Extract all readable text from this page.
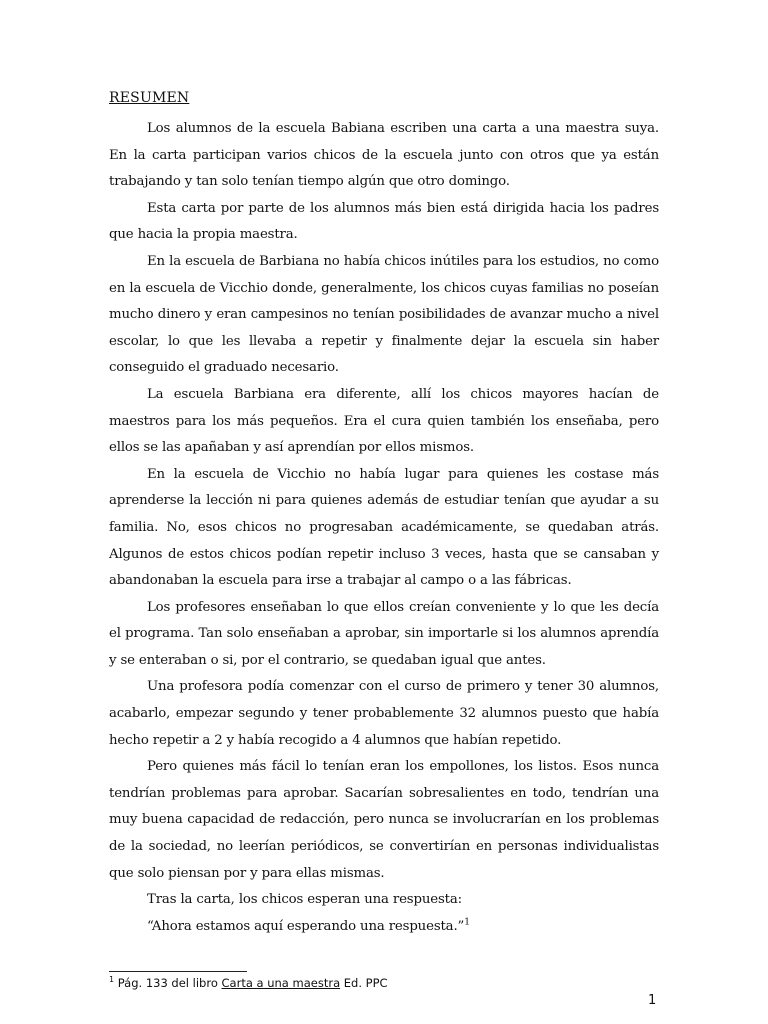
RESUMEN

Los alumnos de la escuela Babiana escriben una carta a una maestra suya. En la carta participan varios chicos de la escuela junto con otros que ya están trabajando y tan solo tenían tiempo algún que otro domingo.

Esta carta por parte de los alumnos más bien está dirigida hacia los padres que hacia la propia maestra.

En la escuela de Barbiana no había chicos inútiles para los estudios, no como en la escuela de Vicchio donde, generalmente, los chicos cuyas familias no poseían mucho dinero y eran campesinos no tenían posibilidades de avanzar mucho a nivel escolar, lo que les llevaba a repetir y finalmente dejar la escuela sin haber conseguido el graduado necesario.

La escuela Barbiana era diferente, allí los chicos mayores hacían de maestros para los más pequeños. Era el cura quien también los enseñaba, pero ellos se las apañaban y así aprendían por ellos mismos.

En la escuela de Vicchio no había lugar para quienes les costase más aprenderse la lección ni para quienes además de estudiar tenían que ayudar a su familia. No, esos chicos no progresaban académicamente, se quedaban atrás. Algunos de estos chicos podían repetir incluso 3 veces, hasta que se cansaban y abandonaban la escuela para irse a trabajar al campo o a las fábricas.

Los profesores enseñaban lo que ellos creían conveniente y lo que les decía el programa. Tan solo enseñaban a aprobar, sin importarle si los alumnos aprendía y se enteraban o si, por el contrario, se quedaban igual que antes.

Una profesora podía comenzar con el curso de primero y tener 30 alumnos, acabarlo, empezar segundo y tener probablemente 32 alumnos puesto que había hecho repetir a 2 y había recogido a 4 alumnos que habían repetido.

Pero quienes más fácil lo tenían eran los empollones, los listos. Esos nunca tendrían problemas para aprobar. Sacarían sobresalientes en todo, tendrían una muy buena capacidad de redacción, pero nunca se involucrarían en los problemas de la sociedad, no leerían periódicos, se convertirían en personas individualistas que solo piensan por y para ellas mismas.

Tras la carta, los chicos esperan una respuesta:

“Ahora estamos aquí esperando una respuesta.”$^1$

$^1$ Pág. 133 del libro Carta a una maestra Ed. PPC
1
